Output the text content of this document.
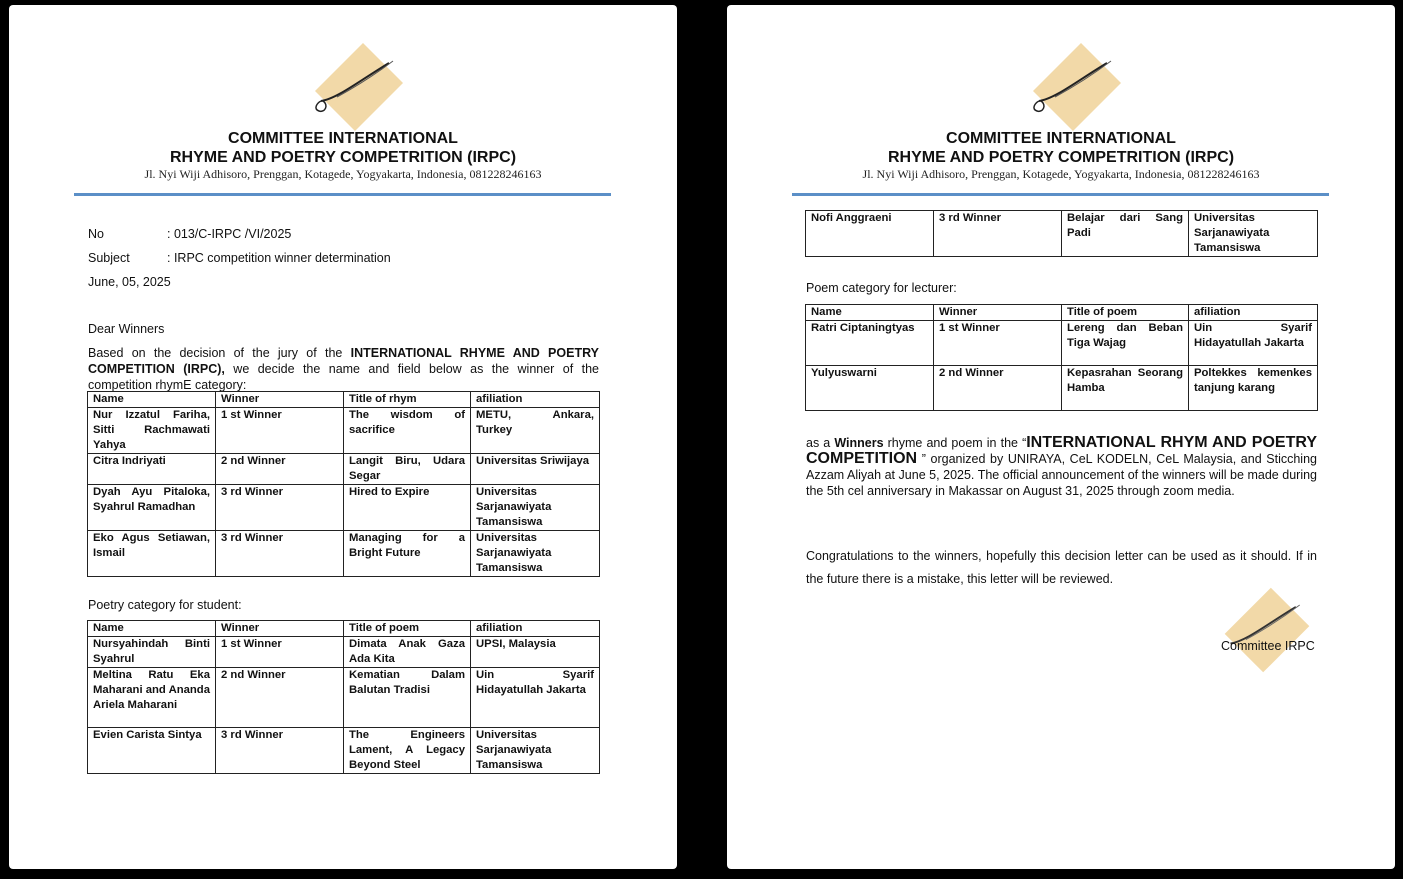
COMMITTEE INTERNATIONAL
RHYME AND POETRY COMPETRITION (IRPC)
Jl. Nyi Wiji Adhisoro, Prenggan, Kotagede, Yogyakarta, Indonesia, 081228246163
No	: 013/C-IRPC /VI/2025
Subject	: IRPC competition winner determination
June, 05, 2025
Dear Winners
Based on the decision of the jury of the INTERNATIONAL RHYME AND POETRY COMPETITION (IRPC), we decide the name and field below as the winner of the competition rhymE category:
Name	Winner	Title of rhym	afiliation
Nur Izzatul Fariha, Sitti Rachmawati Yahya	1 st Winner	The wisdom of sacrifice	METU, Ankara, Turkey
Citra Indriyati	2 nd Winner	Langit Biru, Udara Segar	Universitas Sriwijaya
Dyah Ayu Pitaloka, Syahrul Ramadhan	3 rd Winner	Hired to Expire	Universitas Sarjanawiyata Tamansiswa
Eko Agus Setiawan, Ismail	3 rd Winner	Managing for a Bright Future	Universitas Sarjanawiyata Tamansiswa
Poetry category for student:
Name	Winner	Title of poem	afiliation
Nursyahindah Binti Syahrul	1 st Winner	Dimata Anak Gaza Ada Kita	UPSI, Malaysia
Meltina Ratu Eka Maharani and Ananda Ariela Maharani	2 nd Winner	Kematian Dalam Balutan Tradisi	Uin Syarif Hidayatullah Jakarta
Evien Carista Sintya	3 rd Winner	The Engineers Lament, A Legacy Beyond Steel	Universitas Sarjanawiyata Tamansiswa
COMMITTEE INTERNATIONAL
RHYME AND POETRY COMPETRITION (IRPC)
Jl. Nyi Wiji Adhisoro, Prenggan, Kotagede, Yogyakarta, Indonesia, 081228246163
Nofi Anggraeni	3 rd Winner	Belajar dari Sang Padi	Universitas Sarjanawiyata Tamansiswa
Poem category for lecturer:
Name	Winner	Title of poem	afiliation
Ratri Ciptaningtyas	1 st Winner	Lereng dan Beban Tiga Wajag	Uin Syarif Hidayatullah Jakarta
Yulyuswarni	2 nd Winner	Kepasrahan Seorang Hamba	Poltekkes kemenkes tanjung karang
as a Winners rhyme and poem in the “INTERNATIONAL RHYM AND POETRY COMPETITION ” organized by UNIRAYA, CeL KODELN, CeL Malaysia, and Sticching Azzam Aliyah at June 5, 2025. The official announcement of the winners will be made during the 5th cel anniversary in Makassar on August 31, 2025 through zoom media.
Congratulations to the winners, hopefully this decision letter can be used as it should. If in the future there is a mistake, this letter will be reviewed.
Committee IRPC
